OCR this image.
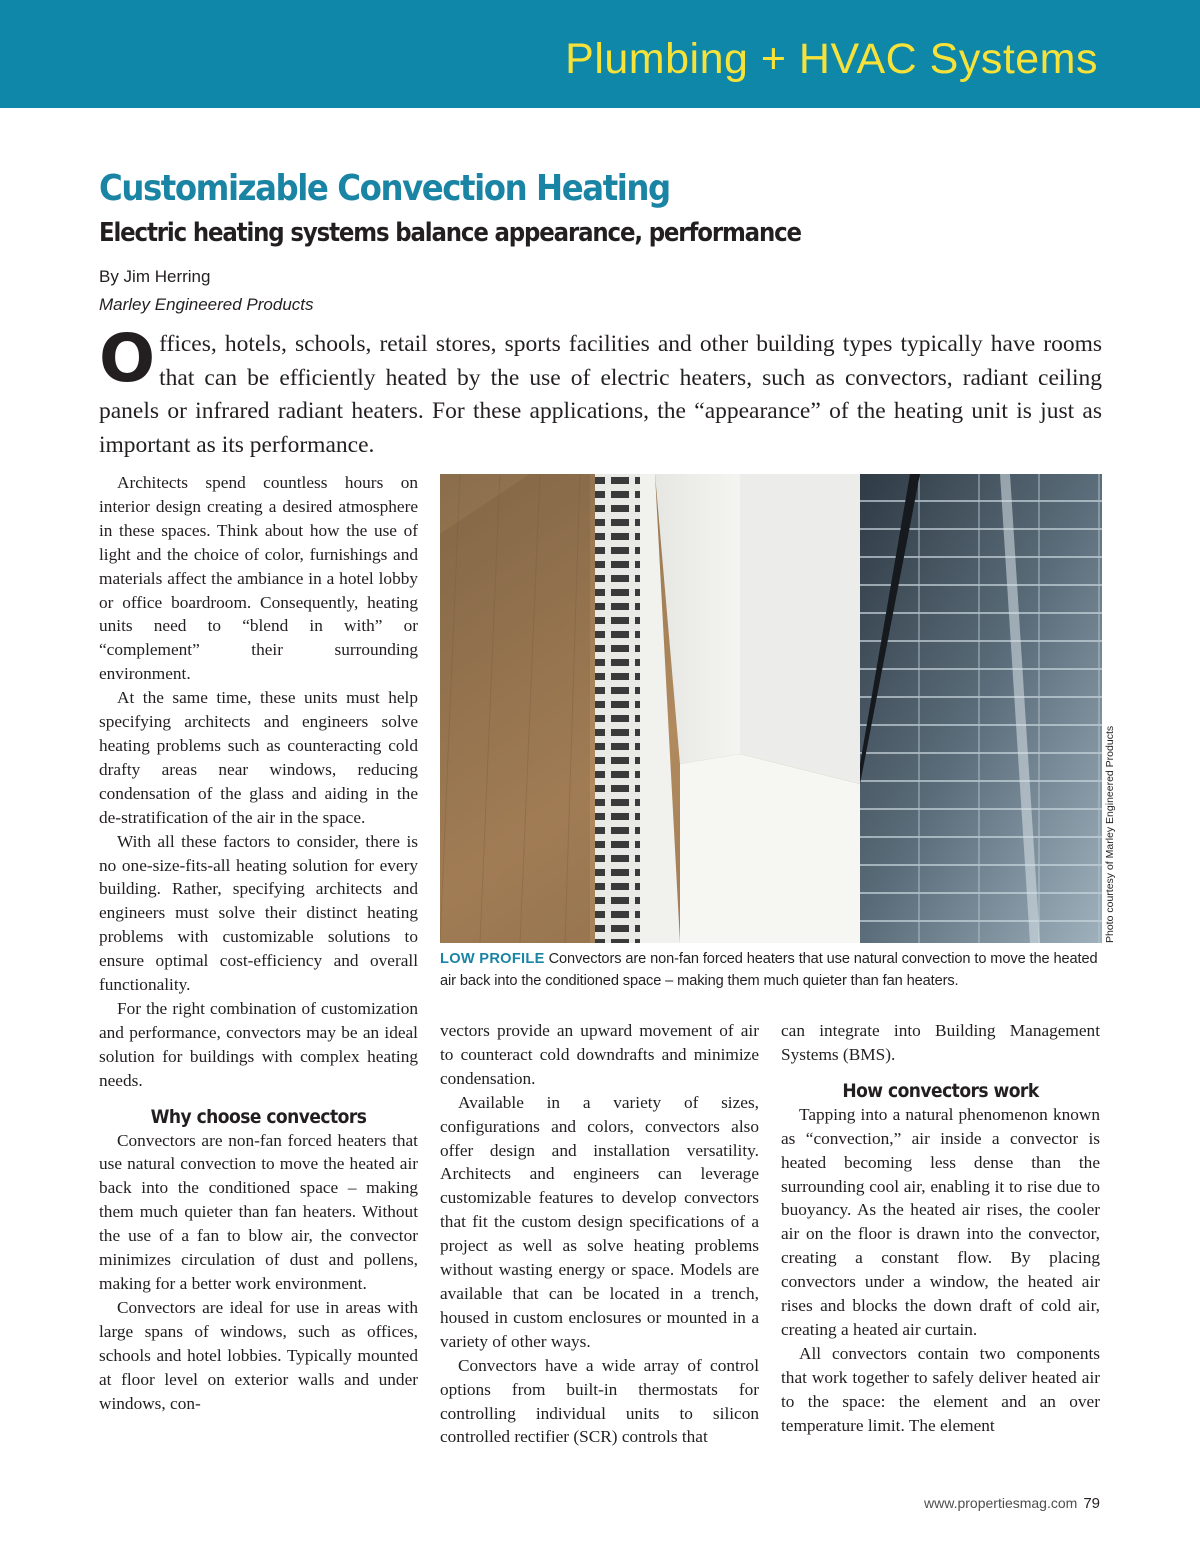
Plumbing + HVAC Systems
Customizable Convection Heating
Electric heating systems balance appearance, performance
By Jim Herring
Marley Engineered Products
Offices, hotels, schools, retail stores, sports facilities and other building types typically have rooms that can be efficiently heated by the use of electric heaters, such as convectors, radiant ceiling panels or infrared radiant heaters. For these applications, the “appearance” of the heating unit is just as important as its performance.

Architects spend countless hours on interior design creating a desired atmosphere in these spaces. Think about how the use of light and the choice of color, furnishings and materials affect the ambiance in a hotel lobby or office boardroom. Consequently, heating units need to “blend in with” or “complement” their surrounding environment.

At the same time, these units must help specifying architects and engineers solve heating problems such as counteracting cold drafty areas near windows, reducing condensation of the glass and aiding in the de-stratification of the air in the space.

With all these factors to consider, there is no one-size-fits-all heating solution for every building. Rather, specifying architects and engineers must solve their distinct heating problems with customizable solutions to ensure optimal cost-efficiency and overall functionality.

For the right combination of customization and performance, convectors may be an ideal solution for buildings with complex heating needs.

Why choose convectors

Convectors are non-fan forced heaters that use natural convection to move the heated air back into the conditioned space – making them much quieter than fan heaters. Without the use of a fan to blow air, the convector minimizes circulation of dust and pollens, making for a better work environment.

Convectors are ideal for use in areas with large spans of windows, such as offices, schools and hotel lobbies. Typically mounted at floor level on exterior walls and under windows, con-

Photo courtesy of Marley Engineered Products
LOW PROFILE Convectors are non-fan forced heaters that use natural convection to move the heated air back into the conditioned space – making them much quieter than fan heaters.

vectors provide an upward movement of air to counteract cold downdrafts and minimize condensation.

Available in a variety of sizes, configurations and colors, convectors also offer design and installation versatility. Architects and engineers can leverage customizable features to develop convectors that fit the custom design specifications of a project as well as solve heating problems without wasting energy or space. Models are available that can be located in a trench, housed in custom enclosures or mounted in a variety of other ways.

Convectors have a wide array of control options from built-in thermostats for controlling individual units to silicon controlled rectifier (SCR) controls that

can integrate into Building Management Systems (BMS).

How convectors work

Tapping into a natural phenomenon known as “convection,” air inside a convector is heated becoming less dense than the surrounding cool air, enabling it to rise due to buoyancy. As the heated air rises, the cooler air on the floor is drawn into the convector, creating a constant flow. By placing convectors under a window, the heated air rises and blocks the down draft of cold air, creating a heated air curtain.

All convectors contain two components that work together to safely deliver heated air to the space: the element and an over temperature limit. The element

www.propertiesmag.com 79
